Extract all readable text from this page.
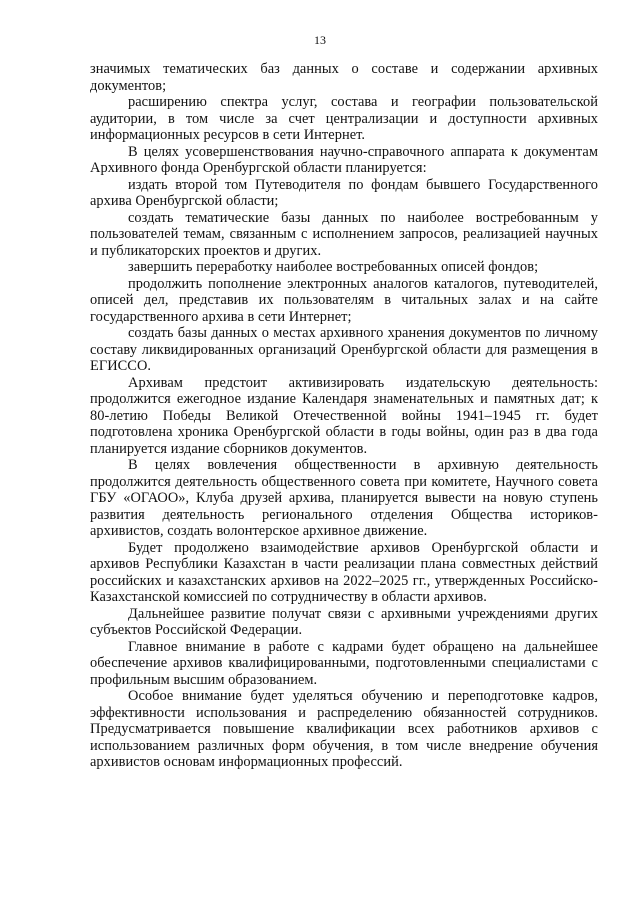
13

значимых тематических баз данных о составе и содержании архивных документов;

расширению спектра услуг, состава и географии пользовательской аудитории, в том числе за счет централизации и доступности архивных информационных ресурсов в сети Интернет.

В целях усовершенствования научно-справочного аппарата к документам Архивного фонда Оренбургской области планируется:

издать второй том Путеводителя по фондам бывшего Государственного архива Оренбургской области;

создать тематические базы данных по наиболее востребованным у пользователей темам, связанным с исполнением запросов, реализацией научных и публикаторских проектов и других.

завершить переработку наиболее востребованных описей фондов;

продолжить пополнение электронных аналогов каталогов, путеводителей, описей дел, представив их пользователям в читальных залах и на сайте государственного архива в сети Интернет;

создать базы данных о местах архивного хранения документов по личному составу ликвидированных организаций Оренбургской области для размещения в ЕГИССО.

Архивам предстоит активизировать издательскую деятельность: продолжится ежегодное издание Календаря знаменательных и памятных дат; к 80-летию Победы Великой Отечественной войны 1941–1945 гг. будет подготовлена хроника Оренбургской области в годы войны, один раз в два года планируется издание сборников документов.

В целях вовлечения общественности в архивную деятельность продолжится деятельность общественного совета при комитете, Научного совета ГБУ «ОГАОО», Клуба друзей архива, планируется вывести на новую ступень развития деятельность регионального отделения Общества историков-архивистов, создать волонтерское архивное движение.

Будет продолжено взаимодействие архивов Оренбургской области и архивов Республики Казахстан в части реализации плана совместных действий российских и казахстанских архивов на 2022–2025 гг., утвержденных Российско-Казахстанской комиссией по сотрудничеству в области архивов.

Дальнейшее развитие получат связи с архивными учреждениями других субъектов Российской Федерации.

Главное внимание в работе с кадрами будет обращено на дальнейшее обеспечение архивов квалифицированными, подготовленными специалистами с профильным высшим образованием.

Особое внимание будет уделяться обучению и переподготовке кадров, эффективности использования и распределению обязанностей сотрудников. Предусматривается повышение квалификации всех работников архивов с использованием различных форм обучения, в том числе внедрение обучения архивистов основам информационных профессий.
